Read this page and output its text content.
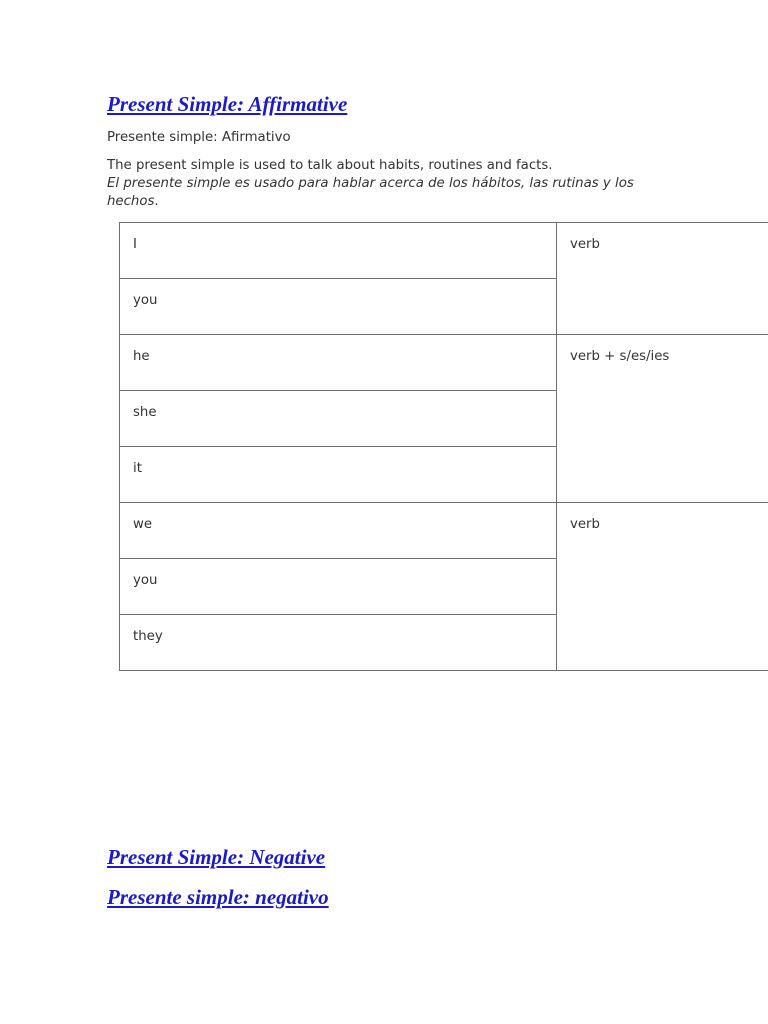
Present Simple: Affirmative

Presente simple: Afirmativo

The present simple is used to talk about habits, routines and facts.
El presente simple es usado para hablar acerca de los hábitos, las rutinas y los
hechos.
I	verb
you	
he	verb + s/es/ies
she	
it	
we	verb
you	
they	
Present Simple: Negative
Presente simple: negativo
